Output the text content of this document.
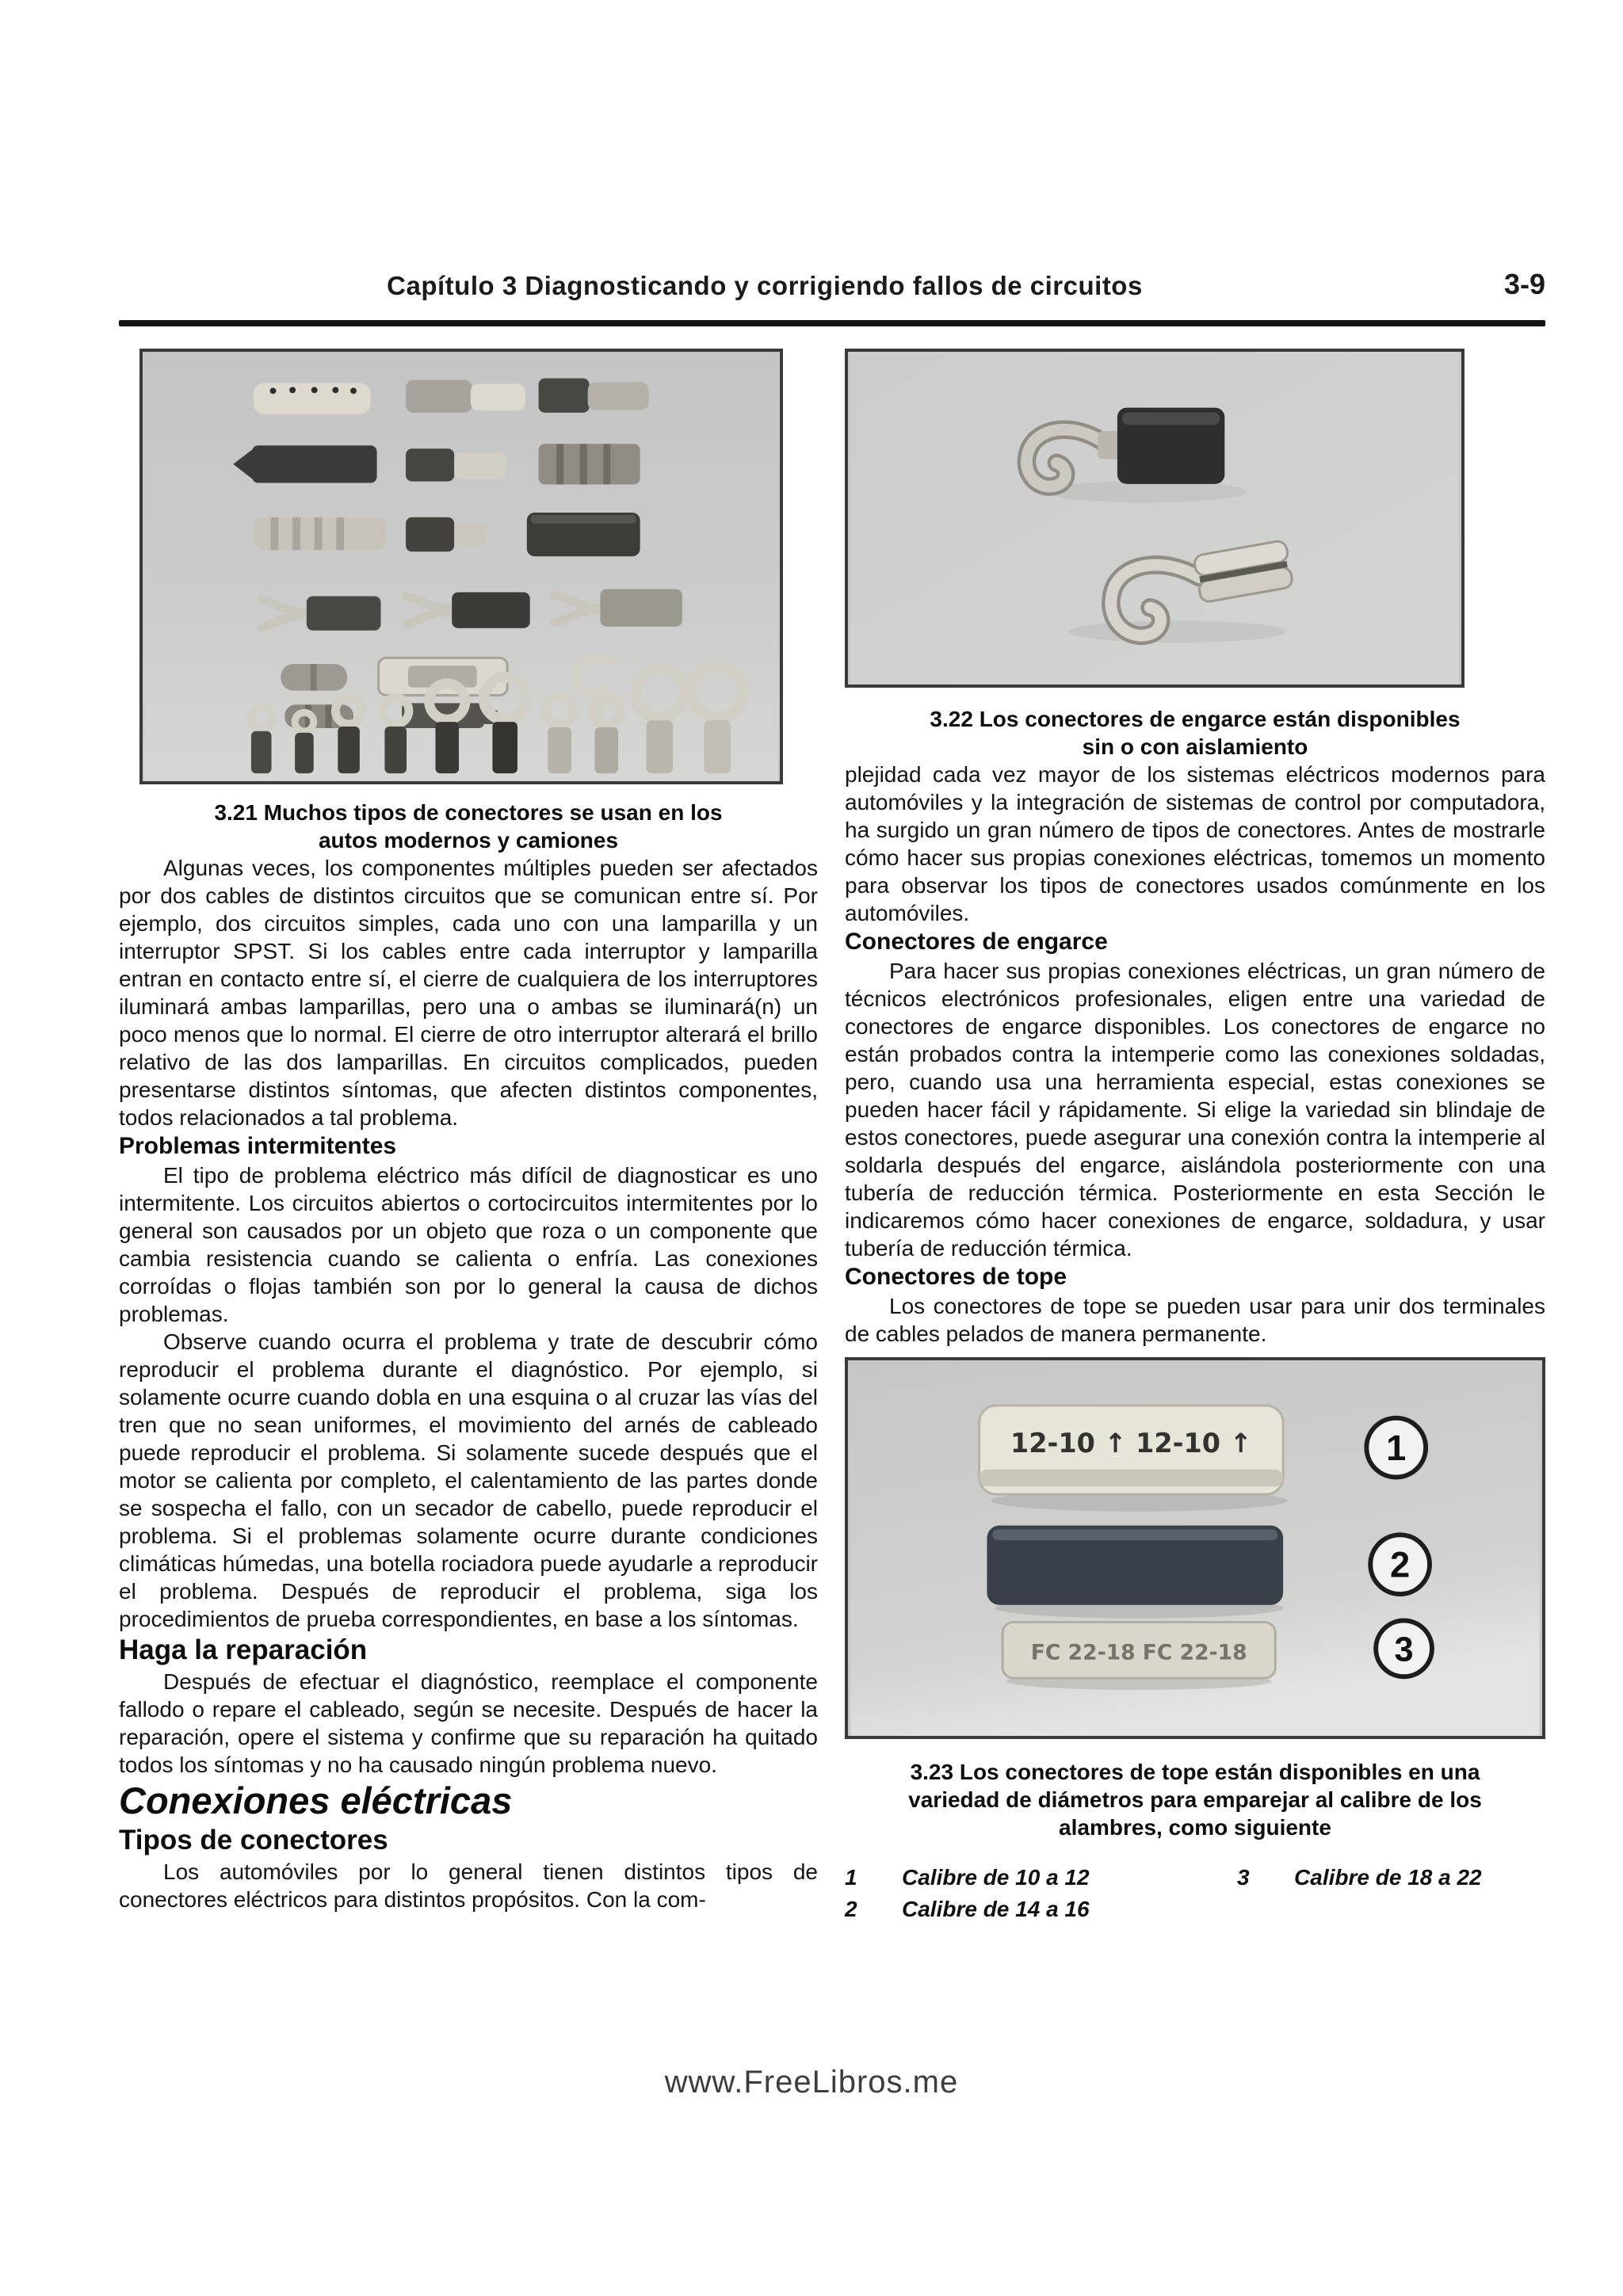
Capítulo 3 Diagnosticando y corrigiendo fallos de circuitos	3-9
3.21 Muchos tipos de conectores se usan en los autos modernos y camiones

Algunas veces, los componentes múltiples pueden ser afectados por dos cables de distintos circuitos que se comunican entre sí. Por ejemplo, dos circuitos simples, cada uno con una lamparilla y un interruptor SPST. Si los cables entre cada interruptor y lamparilla entran en contacto entre sí, el cierre de cualquiera de los interruptores iluminará ambas lamparillas, pero una o ambas se iluminará(n) un poco menos que lo normal. El cierre de otro interruptor alterará el brillo relativo de las dos lamparillas. En circuitos complicados, pueden presentarse distintos síntomas, que afecten distintos componentes, todos relacionados a tal problema.

Problemas intermitentes

El tipo de problema eléctrico más difícil de diagnosticar es uno intermitente. Los circuitos abiertos o cortocircuitos intermitentes por lo general son causados por un objeto que roza o un componente que cambia resistencia cuando se calienta o enfría. Las conexiones corroídas o flojas también son por lo general la causa de dichos problemas.

Observe cuando ocurra el problema y trate de descubrir cómo reproducir el problema durante el diagnóstico. Por ejemplo, si solamente ocurre cuando dobla en una esquina o al cruzar las vías del tren que no sean uniformes, el movimiento del arnés de cableado puede reproducir el problema. Si solamente sucede después que el motor se calienta por completo, el calentamiento de las partes donde se sospecha el fallo, con un secador de cabello, puede reproducir el problema. Si el problemas solamente ocurre durante condiciones climáticas húmedas, una botella rociadora puede ayudarle a reproducir el problema. Después de reproducir el problema, siga los procedimientos de prueba correspondientes, en base a los síntomas.

Haga la reparación

Después de efectuar el diagnóstico, reemplace el componente fallodo o repare el cableado, según se necesite. Después de hacer la reparación, opere el sistema y confirme que su reparación ha quitado todos los síntomas y no ha causado ningún problema nuevo.

Conexiones eléctricas
Tipos de conectores

Los automóviles por lo general tienen distintos tipos de conectores eléctricos para distintos propósitos. Con la com-

3.22 Los conectores de engarce están disponibles sin o con aislamiento

plejidad cada vez mayor de los sistemas eléctricos modernos para automóviles y la integración de sistemas de control por computadora, ha surgido un gran número de tipos de conectores. Antes de mostrarle cómo hacer sus propias conexiones eléctricas, tomemos un momento para observar los tipos de conectores usados comúnmente en los automóviles.

Conectores de engarce

Para hacer sus propias conexiones eléctricas, un gran número de técnicos electrónicos profesionales, eligen entre una variedad de conectores de engarce disponibles. Los conectores de engarce no están probados contra la intemperie como las conexiones soldadas, pero, cuando usa una herramienta especial, estas conexiones se pueden hacer fácil y rápidamente. Si elige la variedad sin blindaje de estos conectores, puede asegurar una conexión contra la intemperie al soldarla después del engarce, aislándola posteriormente con una tubería de reducción térmica. Posteriormente en esta Sección le indicaremos cómo hacer conexiones de engarce, soldadura, y usar tubería de reducción térmica.

Conectores de tope

Los conectores de tope se pueden usar para unir dos terminales de cables pelados de manera permanente.

12-10 ↑ 12-10 ↑	1
2
FC 22-18 FC 22-18	3
3.23 Los conectores de tope están disponibles en una variedad de diámetros para emparejar al calibre de los alambres, como siguiente
1	Calibre de 10 a 12
2	Calibre de 14 a 16
3	Calibre de 18 a 22
www.FreeLibros.me
